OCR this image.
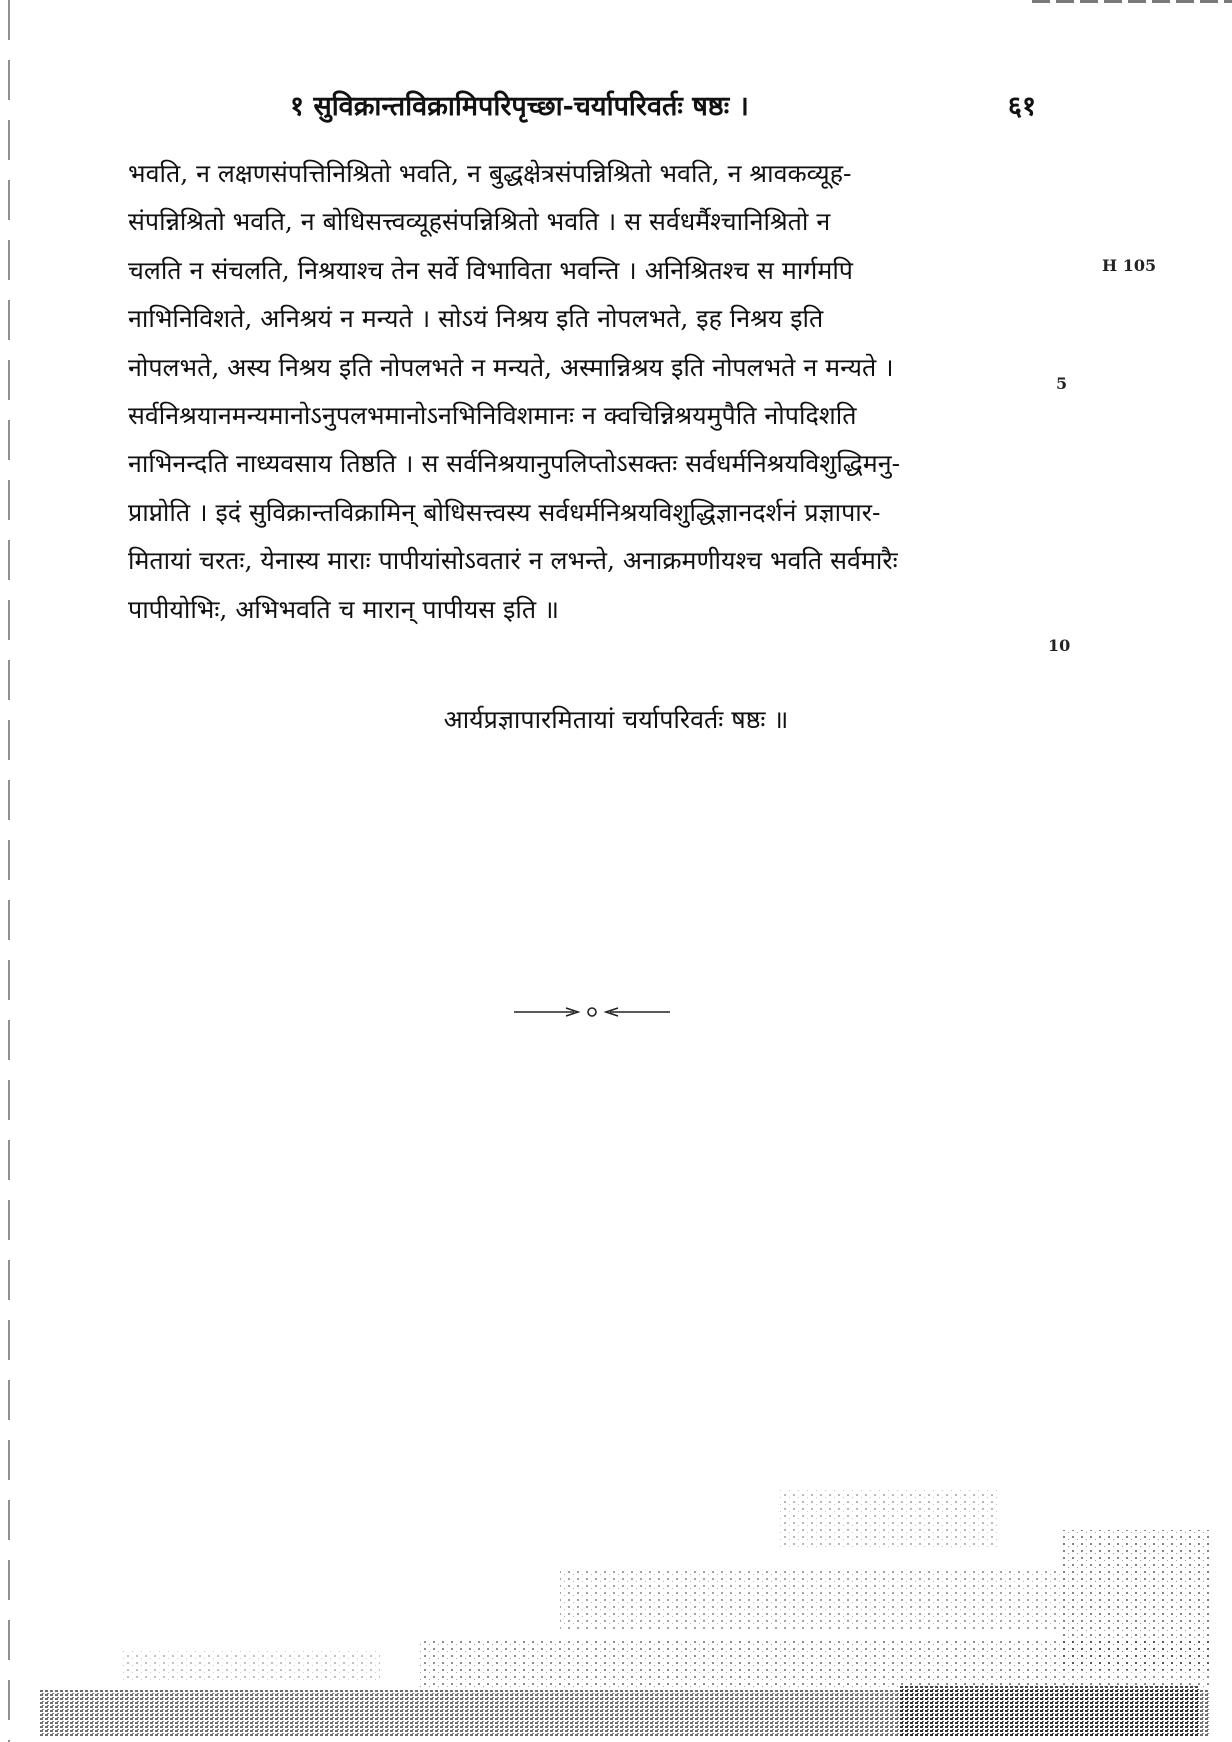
१ सुविक्रान्तविक्रामिपरिपृच्छा-चर्यापरिवर्तः षष्ठः ।	६१
भवति, न लक्षणसंपत्तिनिश्रितो भवति, न बुद्धक्षेत्रसंपन्निश्रितो भवति, न श्रावकव्यूह-
संपन्निश्रितो भवति, न बोधिसत्त्वव्यूहसंपन्निश्रितो भवति । स सर्वधर्मैश्चानिश्रितो न
चलति न संचलति, निश्रयाश्च तेन सर्वे विभाविता भवन्ति । अनिश्रितश्च स मार्गमपि
नाभिनिविशते, अनिश्रयं न मन्यते । सोऽयं निश्रय इति नोपलभते, इह निश्रय इति
नोपलभते, अस्य निश्रय इति नोपलभते न मन्यते, अस्मान्निश्रय इति नोपलभते न मन्यते ।
सर्वनिश्रयानमन्यमानोऽनुपलभमानोऽनभिनिविशमानः न क्वचिन्निश्रयमुपैति नोपदिशति
नाभिनन्दति नाध्यवसाय तिष्ठति । स सर्वनिश्रयानुपलिप्तोऽसक्तः सर्वधर्मनिश्रयविशुद्धिमनु-
प्राप्नोति । इदं सुविक्रान्तविक्रामिन् बोधिसत्त्वस्य सर्वधर्मनिश्रयविशुद्धिज्ञानदर्शनं प्रज्ञापार-
मितायां चरतः, येनास्य माराः पापीयांसोऽवतारं न लभन्ते, अनाक्रमणीयश्च भवति सर्वमारैः
पापीयोभिः, अभिभवति च मारान् पापीयस इति ॥
H 105
5
10
आर्यप्रज्ञापारमितायां चर्यापरिवर्तः षष्ठः ॥
